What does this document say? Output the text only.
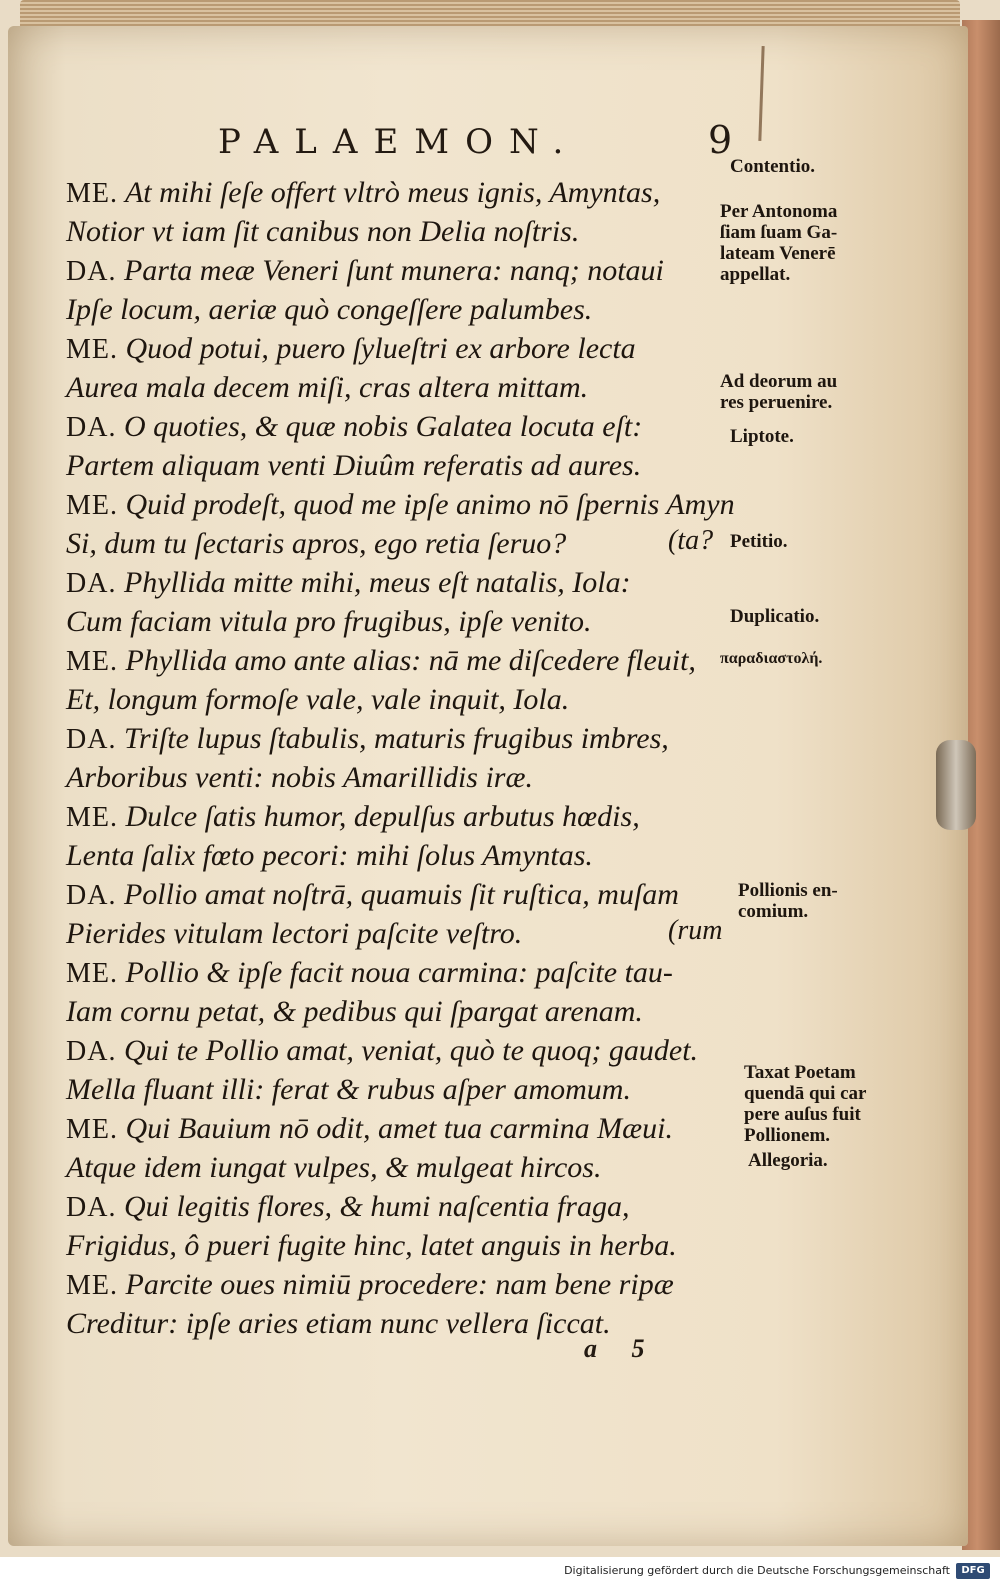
PALAEMON.	9
ME. At mihi ſeſe offert vltrò meus ignis, Amyntas,
Notior vt iam ſit canibus non Delia noſtris.
DA. Parta meæ Veneri ſunt munera: nanq; notaui
Ipſe locum, aeriæ quò congeſſere palumbes.
ME. Quod potui, puero ſylueſtri ex arbore lecta
Aurea mala decem miſi, cras altera mittam.
DA. O quoties, & quæ nobis Galatea locuta eſt:
Partem aliquam venti Diuûm referatis ad aures.
ME. Quid prodeſt, quod me ipſe animo nō ſpernis Amyn
Si, dum tu ſectaris apros, ego retia ſeruo?
DA. Phyllida mitte mihi, meus eſt natalis, Iola:
Cum faciam vitula pro frugibus, ipſe venito.
ME. Phyllida amo ante alias: nā me diſcedere fleuit,
Et, longum formoſe vale, vale inquit, Iola.
DA. Triſte lupus ſtabulis, maturis frugibus imbres,
Arboribus venti: nobis Amarillidis iræ.
ME. Dulce ſatis humor, depulſus arbutus hœdis,
Lenta ſalix fœto pecori: mihi ſolus Amyntas.
DA. Pollio amat noſtrā, quamuis ſit ruſtica, muſam
Pierides vitulam lectori paſcite veſtro.
ME. Pollio & ipſe facit noua carmina: paſcite tau-
Iam cornu petat, & pedibus qui ſpargat arenam.
DA. Qui te Pollio amat, veniat, quò te quoq; gaudet.
Mella fluant illi: ferat & rubus aſper amomum.
ME. Qui Bauium nō odit, amet tua carmina Mæui.
Atque idem iungat vulpes, & mulgeat hircos.
DA. Qui legitis flores, & humi naſcentia fraga,
Frigidus, ô pueri fugite hinc, latet anguis in herba.
ME. Parcite oues nimiū procedere: nam bene ripæ
Creditur: ipſe aries etiam nunc vellera ſiccat.
(ta?
(rum
Contentio.
Per Antonoma
ſiam ſuam Ga-
lateam Venerē
appellat.
Ad deorum au
res peruenire.
Liptote.
Petitio.
Duplicatio.
παραδιαστολή.
Pollionis en-
comium.
Taxat Poetam
quendā qui car
pere auſus fuit
Pollionem.
Allegoria.
a 5
Digitalisierung gefördert durch die Deutsche Forschungsgemeinschaft	DFG
